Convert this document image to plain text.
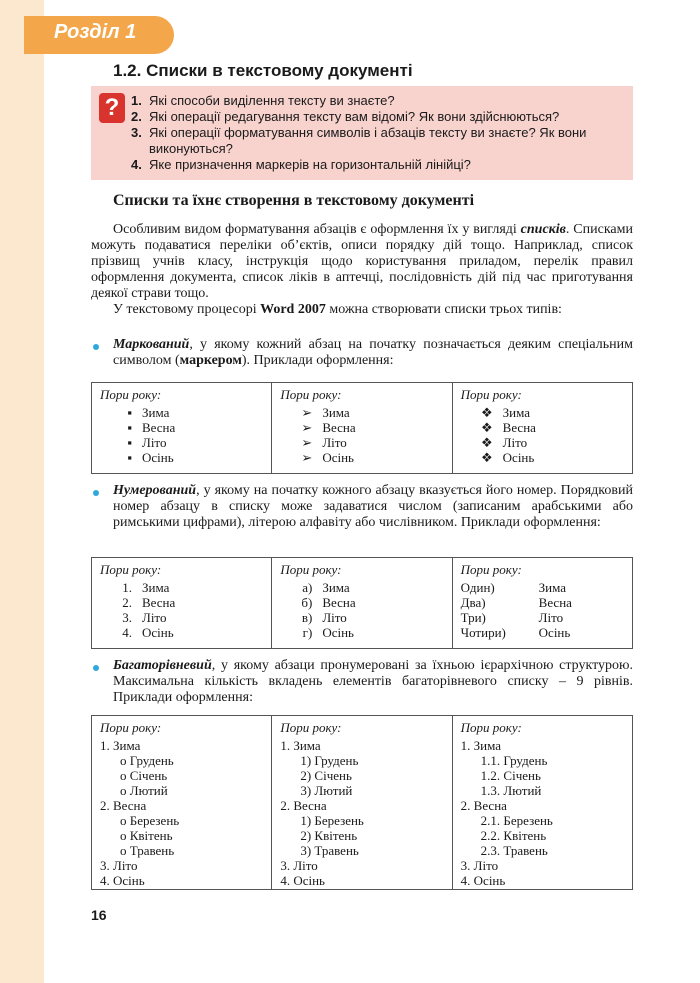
Розділ 1
1.2. Списки в текстовому документі
? 1. Які способи виділення тексту ви знаєте?
2. Які операції редагування тексту вам відомі? Як вони здійснюються?
3. Які операції форматування символів і абзаців тексту ви знаєте? Як вони виконуються?
4. Яке призначення маркерів на горизонтальній лінійці?
Списки та їхнє створення в текстовому документі

Особливим видом форматування абзаців є оформлення їх у вигляді списків. Списками можуть подаватися переліки об’єктів, описи порядку дій тощо. Наприклад, список прізвищ учнів класу, інструкція щодо користування приладом, перелік правил оформлення документа, список ліків в аптечці, послідовність дій під час приготування деякої страви тощо.

У текстовому процесорі Word 2007 можна створювати списки трьох типів:

Маркований, у якому кожний абзац на початку позначається деяким спеціальним символом (маркером). Приклади оформлення:

Пори року:
▪ Зима
▪ Весна
▪ Літо
▪ Осінь
Пори року:
➢ Зима
➢ Весна
➢ Літо
➢ Осінь
Пори року:
❖ Зима
❖ Весна
❖ Літо
❖ Осінь

Нумерований, у якому на початку кожного абзацу вказується його номер. Порядковий номер абзацу в списку може задаватися числом (записаним арабськими або римськими цифрами), літерою алфавіту або числівником. Приклади оформлення:

Пори року:
1. Зима
2. Весна
3. Літо
4. Осінь
Пори року:
а) Зима
б) Весна
в) Літо
г) Осінь
Пори року:
Один)	Зима
Два)	Весна
Три)	Літо
Чотири)	Осінь

Багаторівневий, у якому абзаци пронумеровані за їхньою ієрархічною структурою. Максимальна кількість вкладень елементів багаторівневого списку – 9 рівнів. Приклади оформлення:

Пори року:
1. Зима
o Грудень
o Січень
o Лютий
2. Весна
o Березень
o Квітень
o Травень
3. Літо
4. Осінь
Пори року:
1. Зима
1) Грудень
2) Січень
3) Лютий
2. Весна
1) Березень
2) Квітень
3) Травень
3. Літо
4. Осінь
Пори року:
1. Зима
1.1. Грудень
1.2. Січень
1.3. Лютий
2. Весна
2.1. Березень
2.2. Квітень
2.3. Травень
3. Літо
4. Осінь
16
